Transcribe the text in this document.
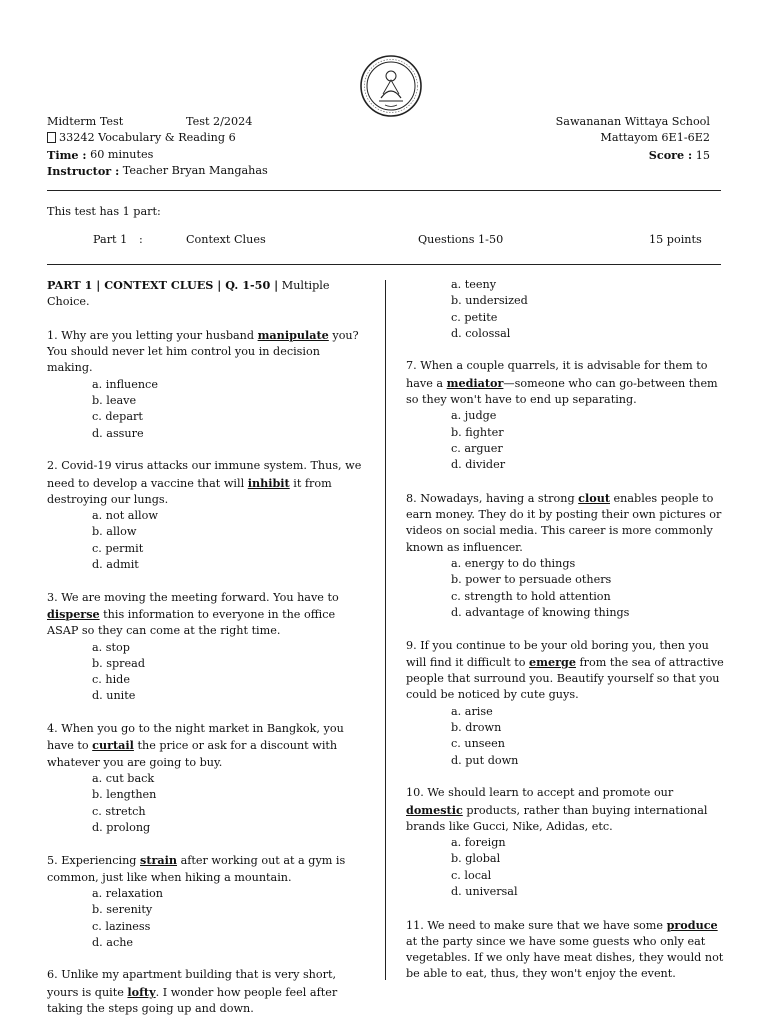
Midterm Test	Test 2/2024
33242 Vocabulary & Reading 6
Time :
60 minutes
Instructor :
Teacher Bryan Mangahas
Sawananan Wittaya School
Mattayom 6E1-6E2
Score : 15
This test has 1 part:
Part 1 :	Context Clues	Questions 1-50	15 points

PART 1 | CONTEXT CLUES | Q. 1-50 | Multiple Choice.

1. Why are you letting your husband manipulate you? You should never let him control you in decision making.

a. influence
b. leave
c. depart
d. assure

2. Covid-19 virus attacks our immune system. Thus, we need to develop a vaccine that will inhibit it from destroying our lungs.

a. not allow
b. allow
c. permit
d. admit

3. We are moving the meeting forward. You have to disperse this information to everyone in the office ASAP so they can come at the right time.

a. stop
b. spread
c. hide
d. unite

4. When you go to the night market in Bangkok, you have to curtail the price or ask for a discount with whatever you are going to buy.

a. cut back
b. lengthen
c. stretch
d. prolong

5. Experiencing strain after working out at a gym is common, just like when hiking a mountain.

a. relaxation
b. serenity
c. laziness
d. ache

6. Unlike my apartment building that is very short, yours is quite lofty. I wonder how people feel after taking the steps going up and down.

a. teeny
b. undersized
c. petite
d. colossal

7. When a couple quarrels, it is advisable for them to have a mediator—someone who can go-between them so they won't have to end up separating.

a. judge
b. fighter
c. arguer
d. divider

8. Nowadays, having a strong clout enables people to earn money. They do it by posting their own pictures or videos on social media. This career is more commonly known as influencer.

a. energy to do things
b. power to persuade others
c. strength to hold attention
d. advantage of knowing things

9. If you continue to be your old boring you, then you will find it difficult to emerge from the sea of attractive people that surround you. Beautify yourself so that you could be noticed by cute guys.

a. arise
b. drown
c. unseen
d. put down

10. We should learn to accept and promote our domestic products, rather than buying international brands like Gucci, Nike, Adidas, etc.

a. foreign
b. global
c. local
d. universal

11. We need to make sure that we have some produce at the party since we have some guests who only eat vegetables. If we only have meat dishes, they would not be able to eat, thus, they won't enjoy the event.
